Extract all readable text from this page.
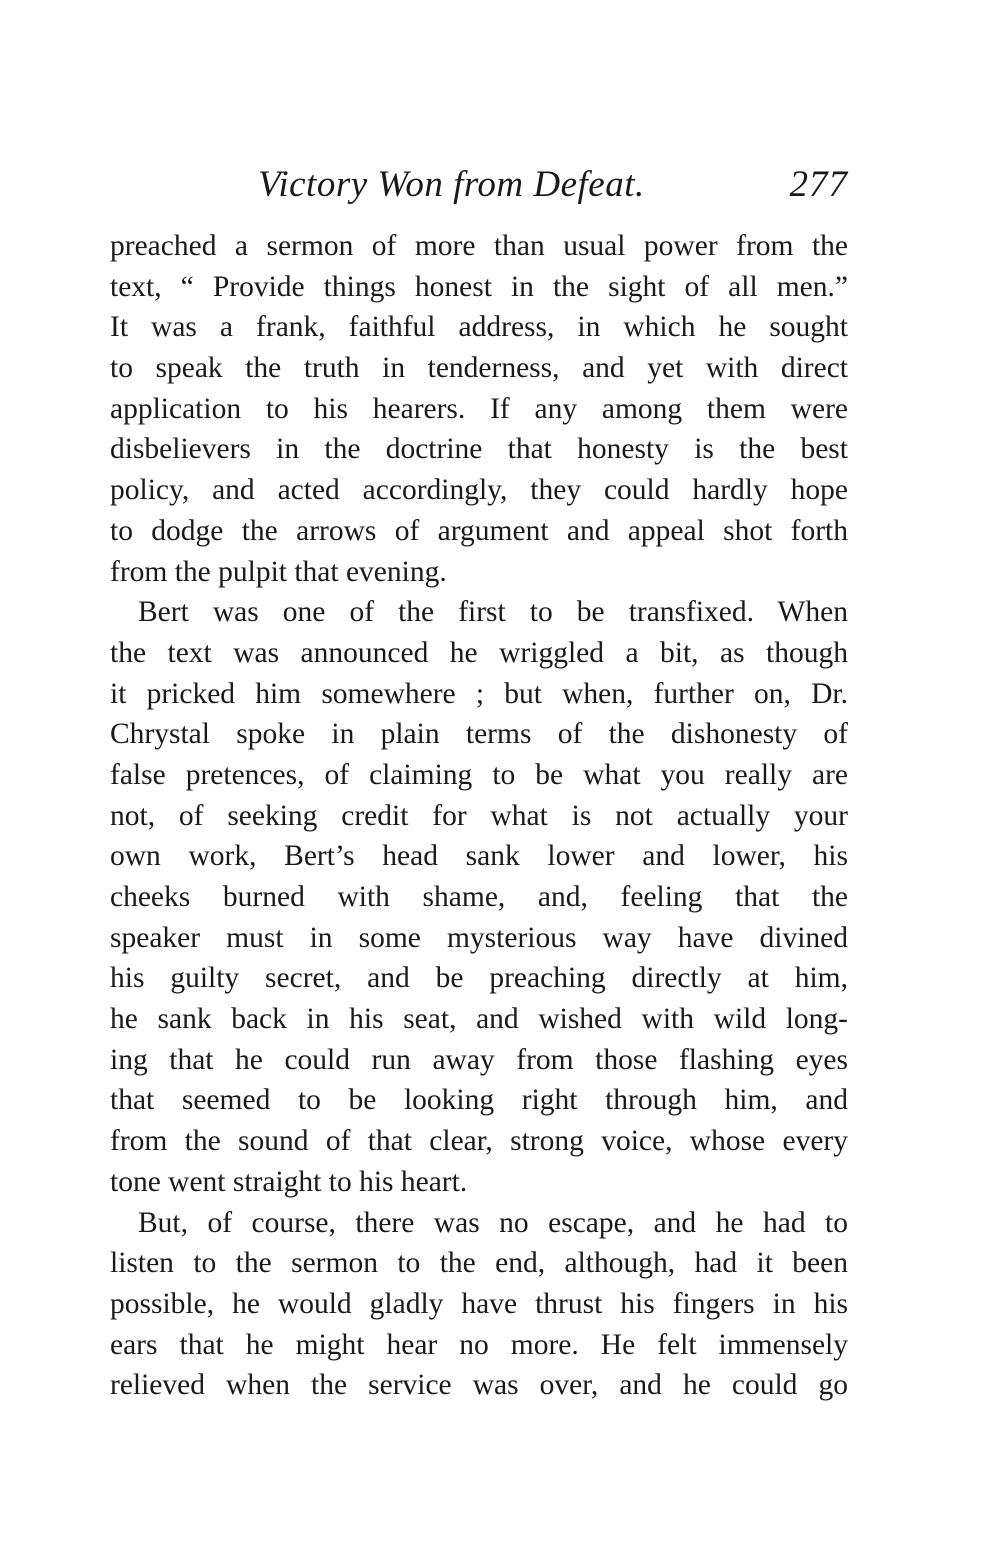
Victory Won from Defeat.	277
preached a sermon of more than usual power from the
text, “ Provide things honest in the sight of all men.”
It was a frank, faithful address, in which he sought
to speak the truth in tenderness, and yet with direct
application to his hearers. If any among them were
disbelievers in the doctrine that honesty is the best
policy, and acted accordingly, they could hardly hope
to dodge the arrows of argument and appeal shot forth
from the pulpit that evening.
Bert was one of the first to be transfixed. When
the text was announced he wriggled a bit, as though
it pricked him somewhere ; but when, further on, Dr.
Chrystal spoke in plain terms of the dishonesty of
false pretences, of claiming to be what you really are
not, of seeking credit for what is not actually your
own work, Bert’s head sank lower and lower, his
cheeks burned with shame, and, feeling that the
speaker must in some mysterious way have divined
his guilty secret, and be preaching directly at him,
he sank back in his seat, and wished with wild long-
ing that he could run away from those flashing eyes
that seemed to be looking right through him, and
from the sound of that clear, strong voice, whose every
tone went straight to his heart.
But, of course, there was no escape, and he had to
listen to the sermon to the end, although, had it been
possible, he would gladly have thrust his fingers in his
ears that he might hear no more. He felt immensely
relieved when the service was over, and he could go
